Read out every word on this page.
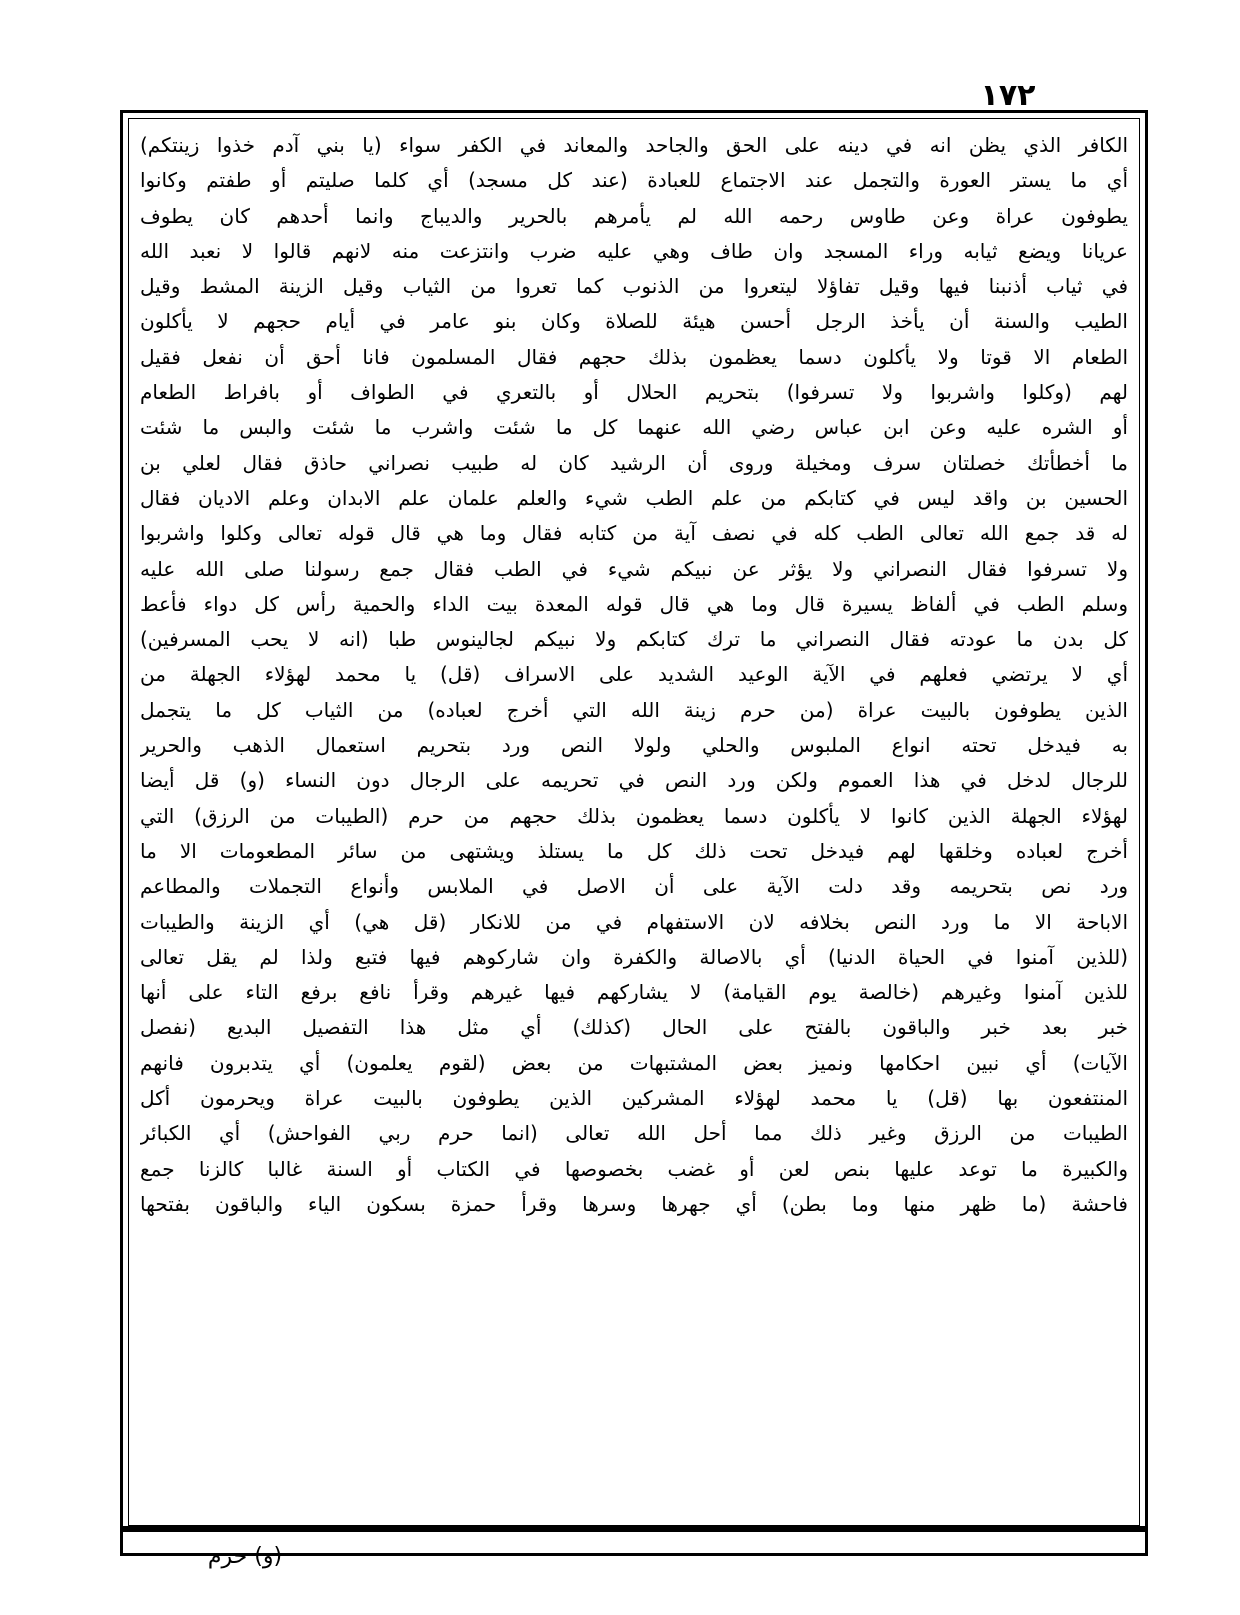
١٧٢
الكافر الذي يظن انه في دينه على الحق والجاحد والمعاند في الكفر سواء (يا بني آدم خذوا زينتكم)
أي ما يستر العورة والتجمل عند الاجتماع للعبادة (عند كل مسجد) أي كلما صليتم أو طفتم وكانوا
يطوفون عراة وعن طاوس رحمه الله لم يأمرهم بالحرير والديباج وانما أحدهم كان يطوف
عريانا ويضع ثيابه وراء المسجد وان طاف وهي عليه ضرب وانتزعت منه لانهم قالوا لا نعبد الله
في ثياب أذنبنا فيها وقيل تفاؤلا ليتعروا من الذنوب كما تعروا من الثياب وقيل الزينة المشط وقيل
الطيب والسنة أن يأخذ الرجل أحسن هيئة للصلاة وكان بنو عامر في أيام حجهم لا يأكلون
الطعام الا قوتا ولا يأكلون دسما يعظمون بذلك حجهم فقال المسلمون فانا أحق أن نفعل فقيل
لهم (وكلوا واشربوا ولا تسرفوا) بتحريم الحلال أو بالتعري في الطواف أو بافراط الطعام
أو الشره عليه وعن ابن عباس رضي الله عنهما كل ما شئت واشرب ما شئت والبس ما شئت
ما أخطأتك خصلتان سرف ومخيلة وروى أن الرشيد كان له طبيب نصراني حاذق فقال لعلي بن
الحسين بن واقد ليس في كتابكم من علم الطب شيء والعلم علمان علم الابدان وعلم الاديان فقال
له قد جمع الله تعالى الطب كله في نصف آية من كتابه فقال وما هي قال قوله تعالى وكلوا واشربوا
ولا تسرفوا فقال النصراني ولا يؤثر عن نبيكم شيء في الطب فقال جمع رسولنا صلى الله عليه
وسلم الطب في ألفاظ يسيرة قال وما هي قال قوله المعدة بيت الداء والحمية رأس كل دواء فأعط
كل بدن ما عودته فقال النصراني ما ترك كتابكم ولا نبيكم لجالينوس طبا (انه لا يحب المسرفين)
أي لا يرتضي فعلهم في الآية الوعيد الشديد على الاسراف (قل) يا محمد لهؤلاء الجهلة من
الذين يطوفون بالبيت عراة (من حرم زينة الله التي أخرج لعباده) من الثياب كل ما يتجمل
به فيدخل تحته انواع الملبوس والحلي ولولا النص ورد بتحريم استعمال الذهب والحرير
للرجال لدخل في هذا العموم ولكن ورد النص في تحريمه على الرجال دون النساء (و) قل أيضا
لهؤلاء الجهلة الذين كانوا لا يأكلون دسما يعظمون بذلك حجهم من حرم (الطيبات من الرزق) التي
أخرج لعباده وخلقها لهم فيدخل تحت ذلك كل ما يستلذ ويشتهى من سائر المطعومات الا ما
ورد نص بتحريمه وقد دلت الآية على أن الاصل في الملابس وأنواع التجملات والمطاعم
الاباحة الا ما ورد النص بخلافه لان الاستفهام في من للانكار (قل هي) أي الزينة والطيبات
(للذين آمنوا في الحياة الدنيا) أي بالاصالة والكفرة وان شاركوهم فيها فتبع ولذا لم يقل تعالى
للذين آمنوا وغيرهم (خالصة يوم القيامة) لا يشاركهم فيها غيرهم وقرأ نافع برفع التاء على أنها
خبر بعد خبر والباقون بالفتح على الحال (كذلك) أي مثل هذا التفصيل البديع (نفصل
الآيات) أي نبين احكامها ونميز بعض المشتبهات من بعض (لقوم يعلمون) أي يتدبرون فانهم
المنتفعون بها (قل) يا محمد لهؤلاء المشركين الذين يطوفون بالبيت عراة ويحرمون أكل
الطيبات من الرزق وغير ذلك مما أحل الله تعالى (انما حرم ربي الفواحش) أي الكبائر
والكبيرة ما توعد عليها بنص لعن أو غضب بخصوصها في الكتاب أو السنة غالبا كالزنا جمع
فاحشة (ما ظهر منها وما بطن) أي جهرها وسرها وقرأ حمزة بسكون الياء والباقون بفتحها
(و) حرم
